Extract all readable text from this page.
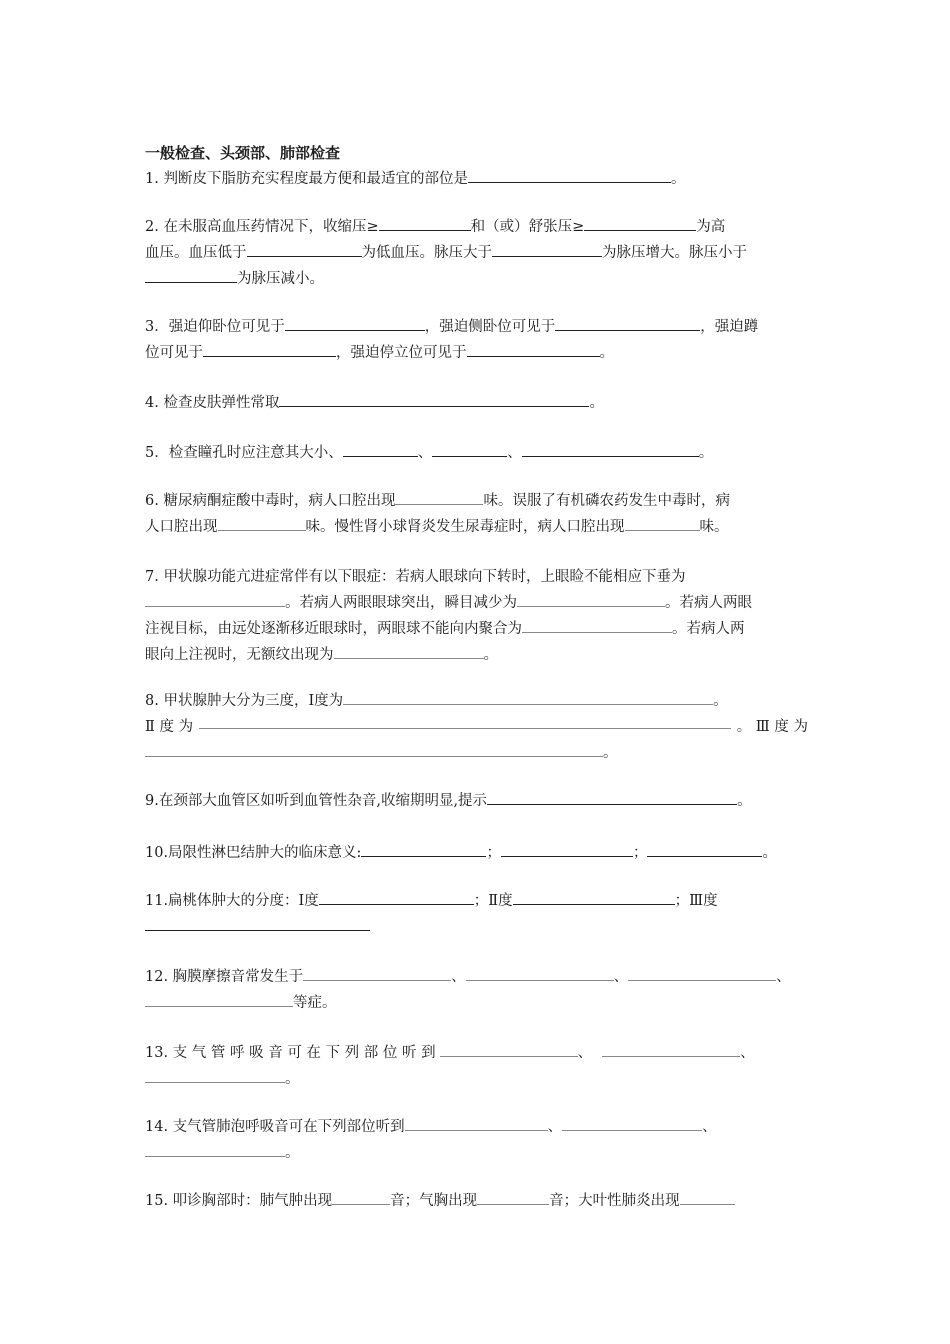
一般检查、头颈部、肺部检查
1. 判断皮下脂肪充实程度最方便和最适宜的部位是	。
2. 在未服高血压药情况下，收缩压≥	和（或）舒张压≥	为高
血压。血压低于	为低血压。脉压大于	为脉压增大。脉压小于
为脉压减小。
3．强迫仰卧位可见于	，强迫侧卧位可见于	，强迫蹲
位可见于	，强迫停立位可见于	。
4. 检查皮肤弹性常取	。
5．检查瞳孔时应注意其大小、	、	、	。
6. 糖尿病酮症酸中毒时，病人口腔出现	味。误服了有机磷农药发生中毒时，病
人口腔出现	味。慢性肾小球肾炎发生尿毒症时，病人口腔出现	味。
7. 甲状腺功能亢进症常伴有以下眼症：若病人眼球向下转时，上眼睑不能相应下垂为
。若病人两眼眼球突出，瞬目减少为	。若病人两眼
注视目标，由远处逐渐移近眼球时，两眼球不能向内聚合为	。若病人两
眼向上注视时，无额纹出现为	。
8. 甲状腺肿大分为三度，Ⅰ度为	。
Ⅱ 度 为	。 Ⅲ 度 为
。
9.在颈部大血管区如听到血管性杂音,收缩期明显,提示	。
10.局限性淋巴结肿大的临床意义:	；	；	。
11.扁桃体肿大的分度：Ⅰ度	；Ⅱ度	；Ⅲ度
12. 胸膜摩擦音常发生于	、	、	、
等症。
13. 支 气 管 呼 吸 音 可 在 下 列 部 位 听 到	、	、
。
14. 支气管肺泡呼吸音可在下列部位听到	、	、
。
15. 叩诊胸部时：肺气肿出现	音；气胸出现	音；大叶性肺炎出现
